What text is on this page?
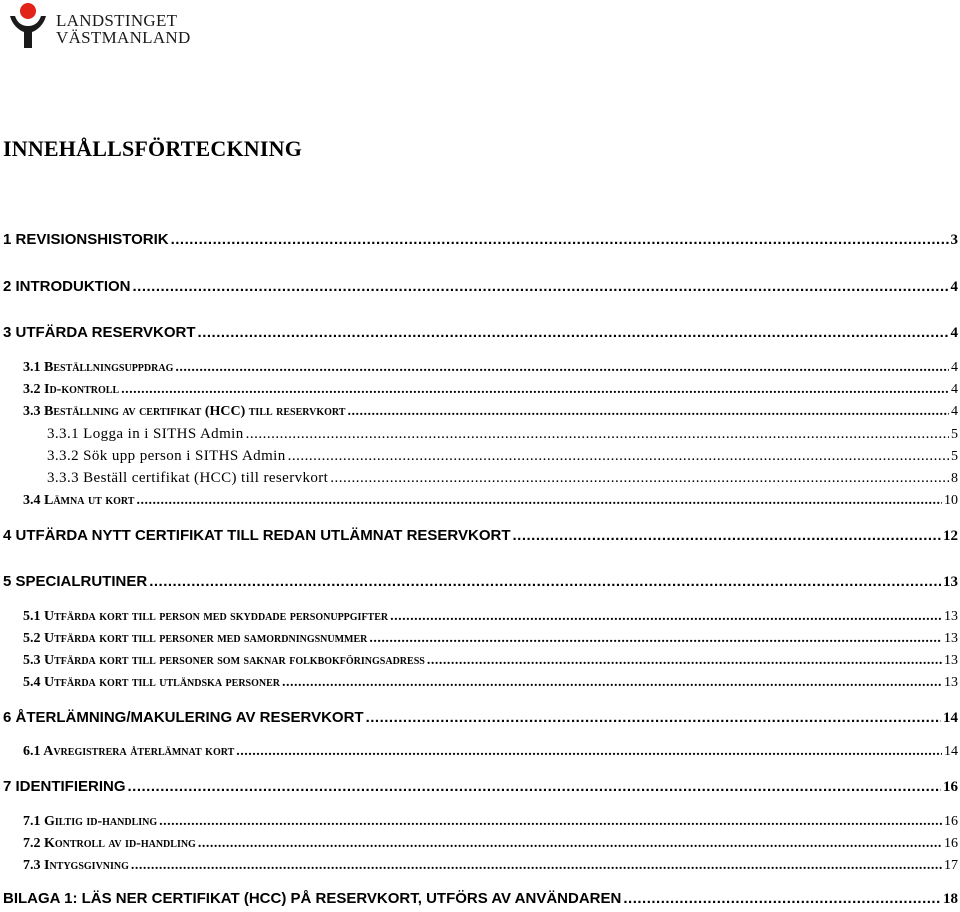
LANDSTINGET
VÄSTMANLAND
INNEHÅLLSFÖRTECKNING
1 REVISIONSHISTORIK .....	3
2 INTRODUKTION .....	4
3 UTFÄRDA RESERVKORT .....	4
3.1 Beställningsuppdrag .....	4
3.2 Id-kontroll .....	4
3.3 Beställning av certifikat (HCC) till reservkort .....	4
3.3.1 Logga in i SITHS Admin .....	5
3.3.2 Sök upp person i SITHS Admin .....	5
3.3.3 Beställ certifikat (HCC) till reservkort .....	8
3.4 Lämna ut kort .....	10
4 UTFÄRDA NYTT CERTIFIKAT TILL REDAN UTLÄMNAT RESERVKORT .....	12
5 SPECIALRUTINER .....	13
5.1 Utfärda kort till person med skyddade personuppgifter .....	13
5.2 Utfärda kort till personer med samordningsnummer .....	13
5.3 Utfärda kort till personer som saknar folkbokföringsadress .....	13
5.4 Utfärda kort till utländska personer .....	13
6 ÅTERLÄMNING/MAKULERING AV RESERVKORT .....	14
6.1 Avregistrera återlämnat kort .....	14
7 IDENTIFIERING .....	16
7.1 Giltig id-handling .....	16
7.2 Kontroll av id-handling .....	16
7.3 Intygsgivning .....	17
BILAGA 1: LÄS NER CERTIFIKAT (HCC) PÅ RESERVKORT, UTFÖRS AV ANVÄNDAREN .....	18
